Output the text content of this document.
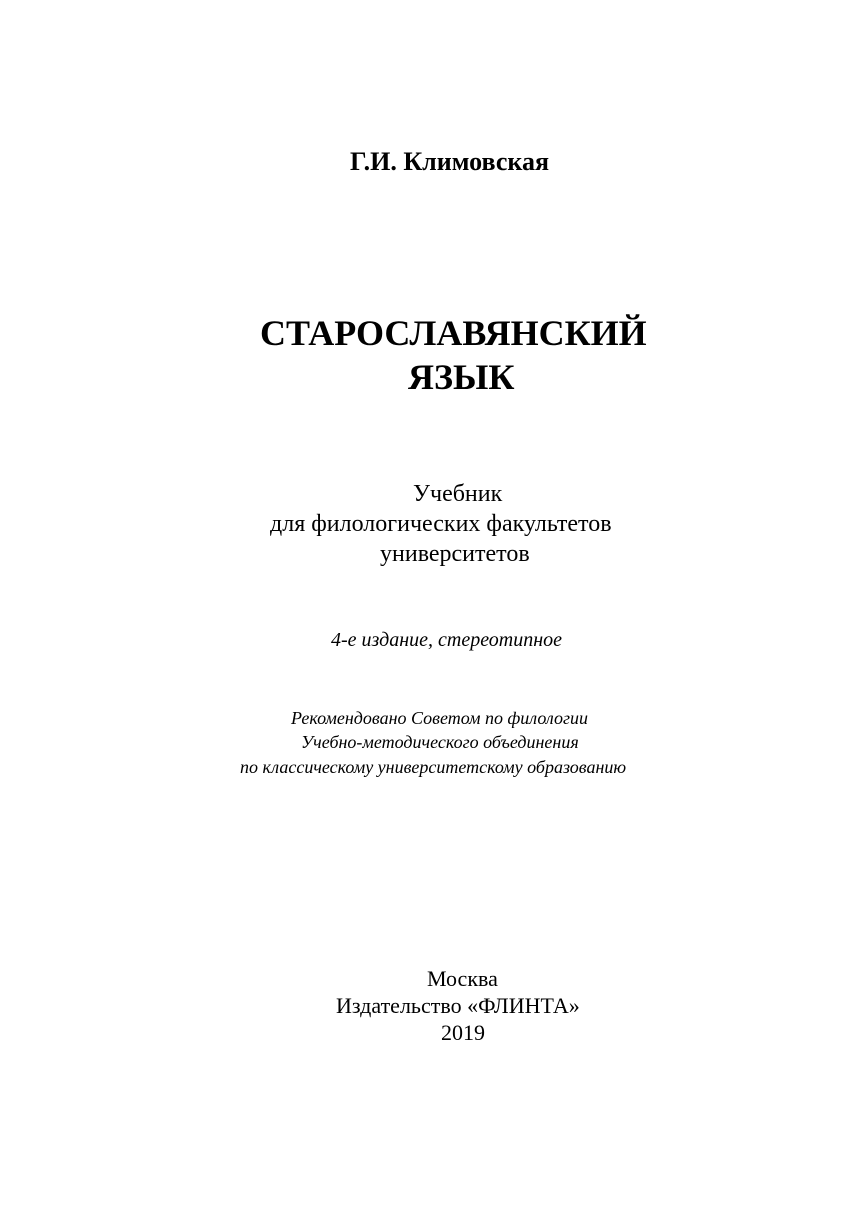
Г.И. Климовская
СТАРОСЛАВЯНСКИЙ
ЯЗЫК
Учебник
для филологических факультетов
университетов
4-е издание, стереотипное
Рекомендовано Советом по филологии
Учебно-методического объединения
по классическому университетскому образованию
Москва
Издательство «ФЛИНТА»
2019
